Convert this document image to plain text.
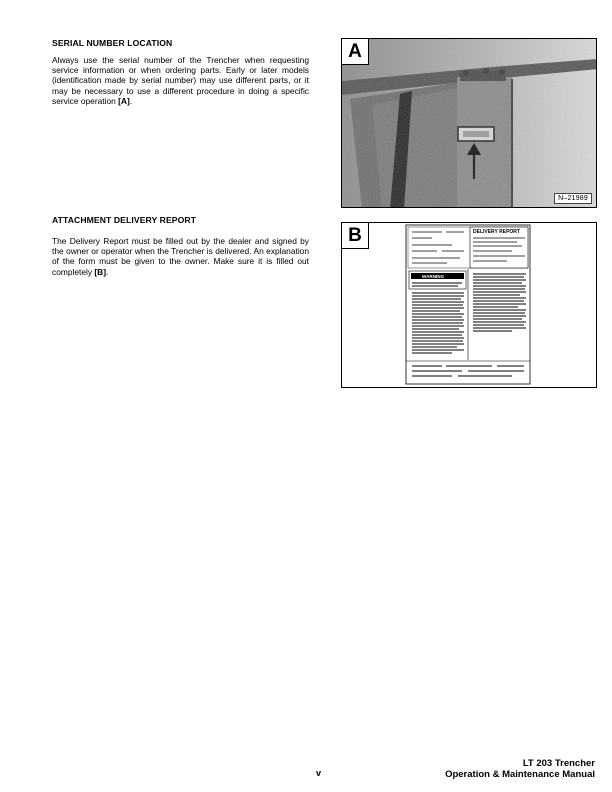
SERIAL NUMBER LOCATION

Always use the serial number of the Trencher when requesting service information or when ordering parts. Early or later models (identification made by serial number) may use different parts, or it may be necessary to use a different procedure in doing a specific service operation [A].

ATTACHMENT DELIVERY REPORT

The Delivery Report must be filled out by the dealer and signed by the owner or operator when the Trencher is delivered. An explanation of the form must be given to the owner. Make sure it is filled out completely [B].

A
N–21989
DELIVERY REPORT
WARNING
B

v

LT 203 Trencher
Operation & Maintenance Manual
